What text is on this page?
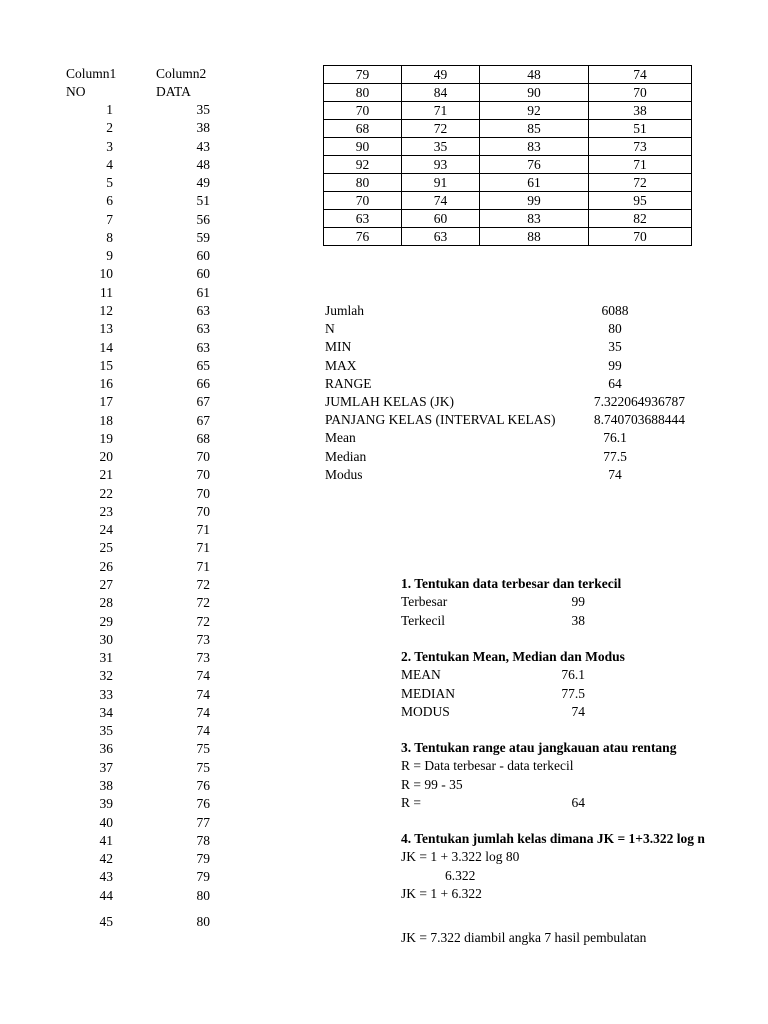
Column1	Column2
NO	DATA
1	35
2	38
3	43
4	48
5	49
6	51
7	56
8	59
9	60
10	60
11	61
12	63
13	63
14	63
15	65
16	66
17	67
18	67
19	68
20	70
21	70
22	70
23	70
24	71
25	71
26	71
27	72
28	72
29	72
30	73
31	73
32	74
33	74
34	74
35	74
36	75
37	75
38	76
39	76
40	77
41	78
42	79
43	79
44	80
45	80
79	49	48	74
80	84	90	70
70	71	92	38
68	72	85	51
90	35	83	73
92	93	76	71
80	91	61	72
70	74	99	95
63	60	83	82
76	63	88	70
Jumlah	6088
N	80
MIN	35
MAX	99
RANGE	64
JUMLAH KELAS (JK)	7.322064936787
PANJANG KELAS (INTERVAL KELAS)	8.740703688444
Mean	76.1
Median	77.5
Modus	74
1. Tentukan data terbesar dan terkecil
Terbesar	99
Terkecil	38
2. Tentukan Mean, Median dan Modus
MEAN	76.1
MEDIAN	77.5
MODUS	74
3. Tentukan range atau jangkauan atau rentang
R = Data terbesar - data terkecil
R = 99 - 35
R =	64
4. Tentukan jumlah kelas dimana JK = 1+3.322 log n
JK = 1 + 3.322 log 80
6.322
JK = 1 + 6.322
JK = 7.322 diambil angka 7 hasil pembulatan
